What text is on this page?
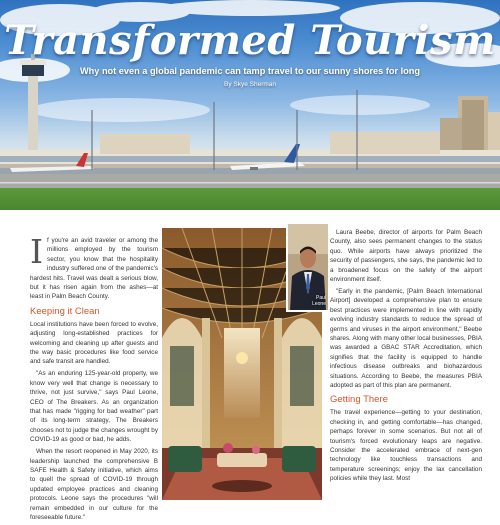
Transformed Tourism
Why not even a global pandemic can tamp travel to our sunny shores for long
By Skye Sherman

If you're an avid traveler or among the millions employed by the tourism sector, you know that the hospitality industry suffered one of the pandemic's hardest hits. Travel was dealt a serious blow, but it has risen again from the ashes—at least in Palm Beach County.

Keeping it Clean

Local institutions have been forced to evolve, adjusting long-established practices for welcoming and cleaning up after guests and the way basic procedures like food service and safe transit are handled.

"As an enduring 125-year-old property, we know very well that change is necessary to thrive, not just survive," says Paul Leone, CEO of The Breakers. As an organization that has made "rigging for bad weather" part of its long-term strategy, The Breakers chooses not to judge the changes wrought by COVID-19 as good or bad, he adds.

When the resort reopened in May 2020, its leadership launched the comprehensive B SAFE Health & Safety initiative, which aims to quell the spread of COVID-19 through updated employee practices and cleaning protocols. Leone says the procedures "will remain embedded in our culture for the foreseeable future."

Paul
Leone

Laura Beebe, director of airports for Palm Beach County, also sees permanent changes to the status quo. While airports have always prioritized the security of passengers, she says, the pandemic led to a broadened focus on the safety of the airport environment itself.

"Early in the pandemic, [Palm Beach International Airport] developed a comprehensive plan to ensure best practices were implemented in line with rapidly evolving industry standards to reduce the spread of germs and viruses in the airport environment," Beebe shares. Along with many other local businesses, PBIA was awarded a GBAC STAR Accreditation, which signifies that the facility is equipped to handle infectious disease outbreaks and biohazardous situations. According to Beebe, the measures PBIA adopted as part of this plan are permanent.

Getting There

The travel experience—getting to your destination, checking in, and getting comfortable—has changed, perhaps forever in some scenarios. But not all of tourism's forced evolutionary leaps are negative. Consider the accelerated embrace of next-gen technology like touchless transactions and temperature screenings; enjoy the lax cancellation policies while they last. Most
